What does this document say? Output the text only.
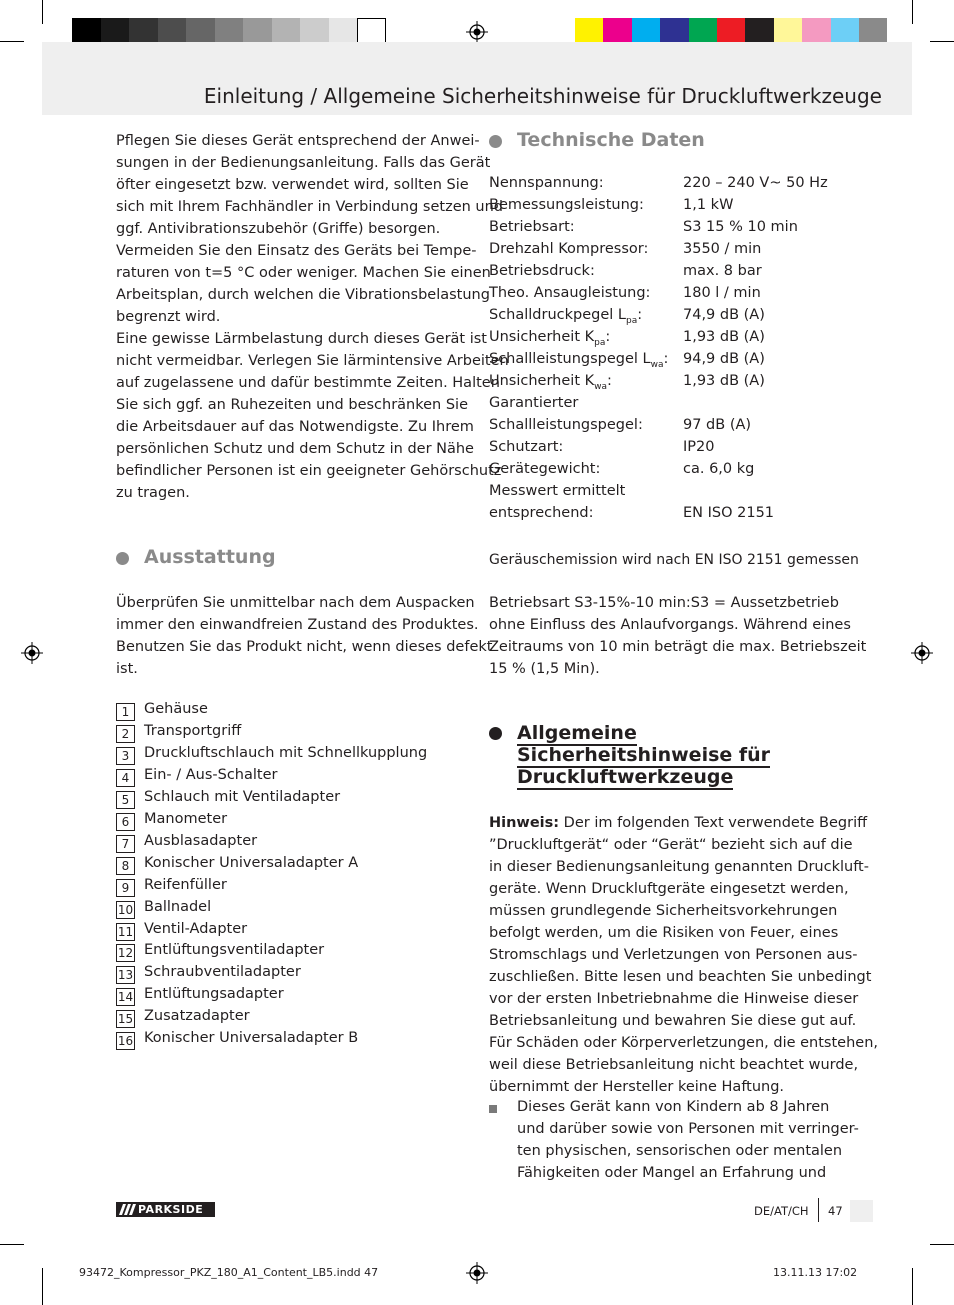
Einleitung / Allgemeine Sicherheitshinweise für Druckluftwerkzeuge
Pflegen Sie dieses Gerät entsprechend der Anwei-
sungen in der Bedienungsanleitung. Falls das Gerät
öfter eingesetzt bzw. verwendet wird, sollten Sie
sich mit Ihrem Fachhändler in Verbindung setzen und
ggf. Antivibrationszubehör (Griffe) besorgen.
Vermeiden Sie den Einsatz des Geräts bei Tempe-
raturen von t=5 °C oder weniger. Machen Sie einen
Arbeitsplan, durch welchen die Vibrationsbelastung
begrenzt wird.
Eine gewisse Lärmbelastung durch dieses Gerät ist
nicht vermeidbar. Verlegen Sie lärmintensive Arbeiten
auf zugelassene und dafür bestimmte Zeiten. Halten
Sie sich ggf. an Ruhezeiten und beschränken Sie
die Arbeitsdauer auf das Notwendigste. Zu Ihrem
persönlichen Schutz und dem Schutz in der Nähe
befindlicher Personen ist ein geeigneter Gehörschutz
zu tragen.
Ausstattung
Überprüfen Sie unmittelbar nach dem Auspacken
immer den einwandfreien Zustand des Produktes.
Benutzen Sie das Produkt nicht, wenn dieses defekt
ist.
1	Gehäuse
2	Transportgriff
3	Druckluftschlauch mit Schnellkupplung
4	Ein- / Aus-Schalter
5	Schlauch mit Ventiladapter
6	Manometer
7	Ausblasadapter
8	Konischer Universaladapter A
9	Reifenfüller
10 Ballnadel
11 Ventil-Adapter
12 Entlüftungsventiladapter
13 Schraubventiladapter
14 Entlüftungsadapter
15 Zusatzadapter
16 Konischer Universaladapter B
Technische Daten
Nennspannung:	220 – 240 V~ 50 Hz
Bemessungsleistung:	1,1 kW
Betriebsart:	S3 15 % 10 min
Drehzahl Kompressor: 3550 / min
Betriebsdruck:	max. 8 bar
Theo. Ansaugleistung: 180 l / min
Schalldruckpegel $L_{pa}$:	74,9 dB (A)
Unsicherheit $K_{pa}$:	1,93 dB (A)
Schallleistungspegel $L_{wa}$: 94,9 dB (A)
Unsicherheit $K_{wa}$:	1,93 dB (A)
Garantierter
Schallleistungspegel:	97 dB (A)
Schutzart:	IP20
Gerätegewicht:	ca. 6,0 kg
Messwert ermittelt
entsprechend:	EN ISO 2151
Geräuschemission wird nach EN ISO 2151 gemessen
Betriebsart S3-15%-10 min:S3 = Aussetzbetrieb
ohne Einfluss des Anlaufvorgangs. Während eines
Zeitraums von 10 min beträgt die max. Betriebszeit
15 % (1,5 Min).
Allgemeine
Sicherheitshinweise für
Druckluftwerkzeuge
Hinweis: Der im folgenden Text verwendete Begriff
”Druckluftgerät“ oder “Gerät“ bezieht sich auf die
in dieser Bedienungsanleitung genannten Druckluft-
geräte. Wenn Druckluftgeräte eingesetzt werden,
müssen grundlegende Sicherheitsvorkehrungen
befolgt werden, um die Risiken von Feuer, eines
Stromschlags und Verletzungen von Personen aus-
zuschließen. Bitte lesen und beachten Sie unbedingt
vor der ersten Inbetriebnahme die Hinweise dieser
Betriebsanleitung und bewahren Sie diese gut auf.
Für Schäden oder Körperverletzungen, die entstehen,
weil diese Betriebsanleitung nicht beachtet wurde,
übernimmt der Hersteller keine Haftung.
Dieses Gerät kann von Kindern ab 8 Jahren
und darüber sowie von Personen mit verringer-
ten physischen, sensorischen oder mentalen
Fähigkeiten oder Mangel an Erfahrung und
PARKSIDE	DE/AT/CH 47
93472_Kompressor_PKZ_180_A1_Content_LB5.indd 47	13.11.13 17:02
